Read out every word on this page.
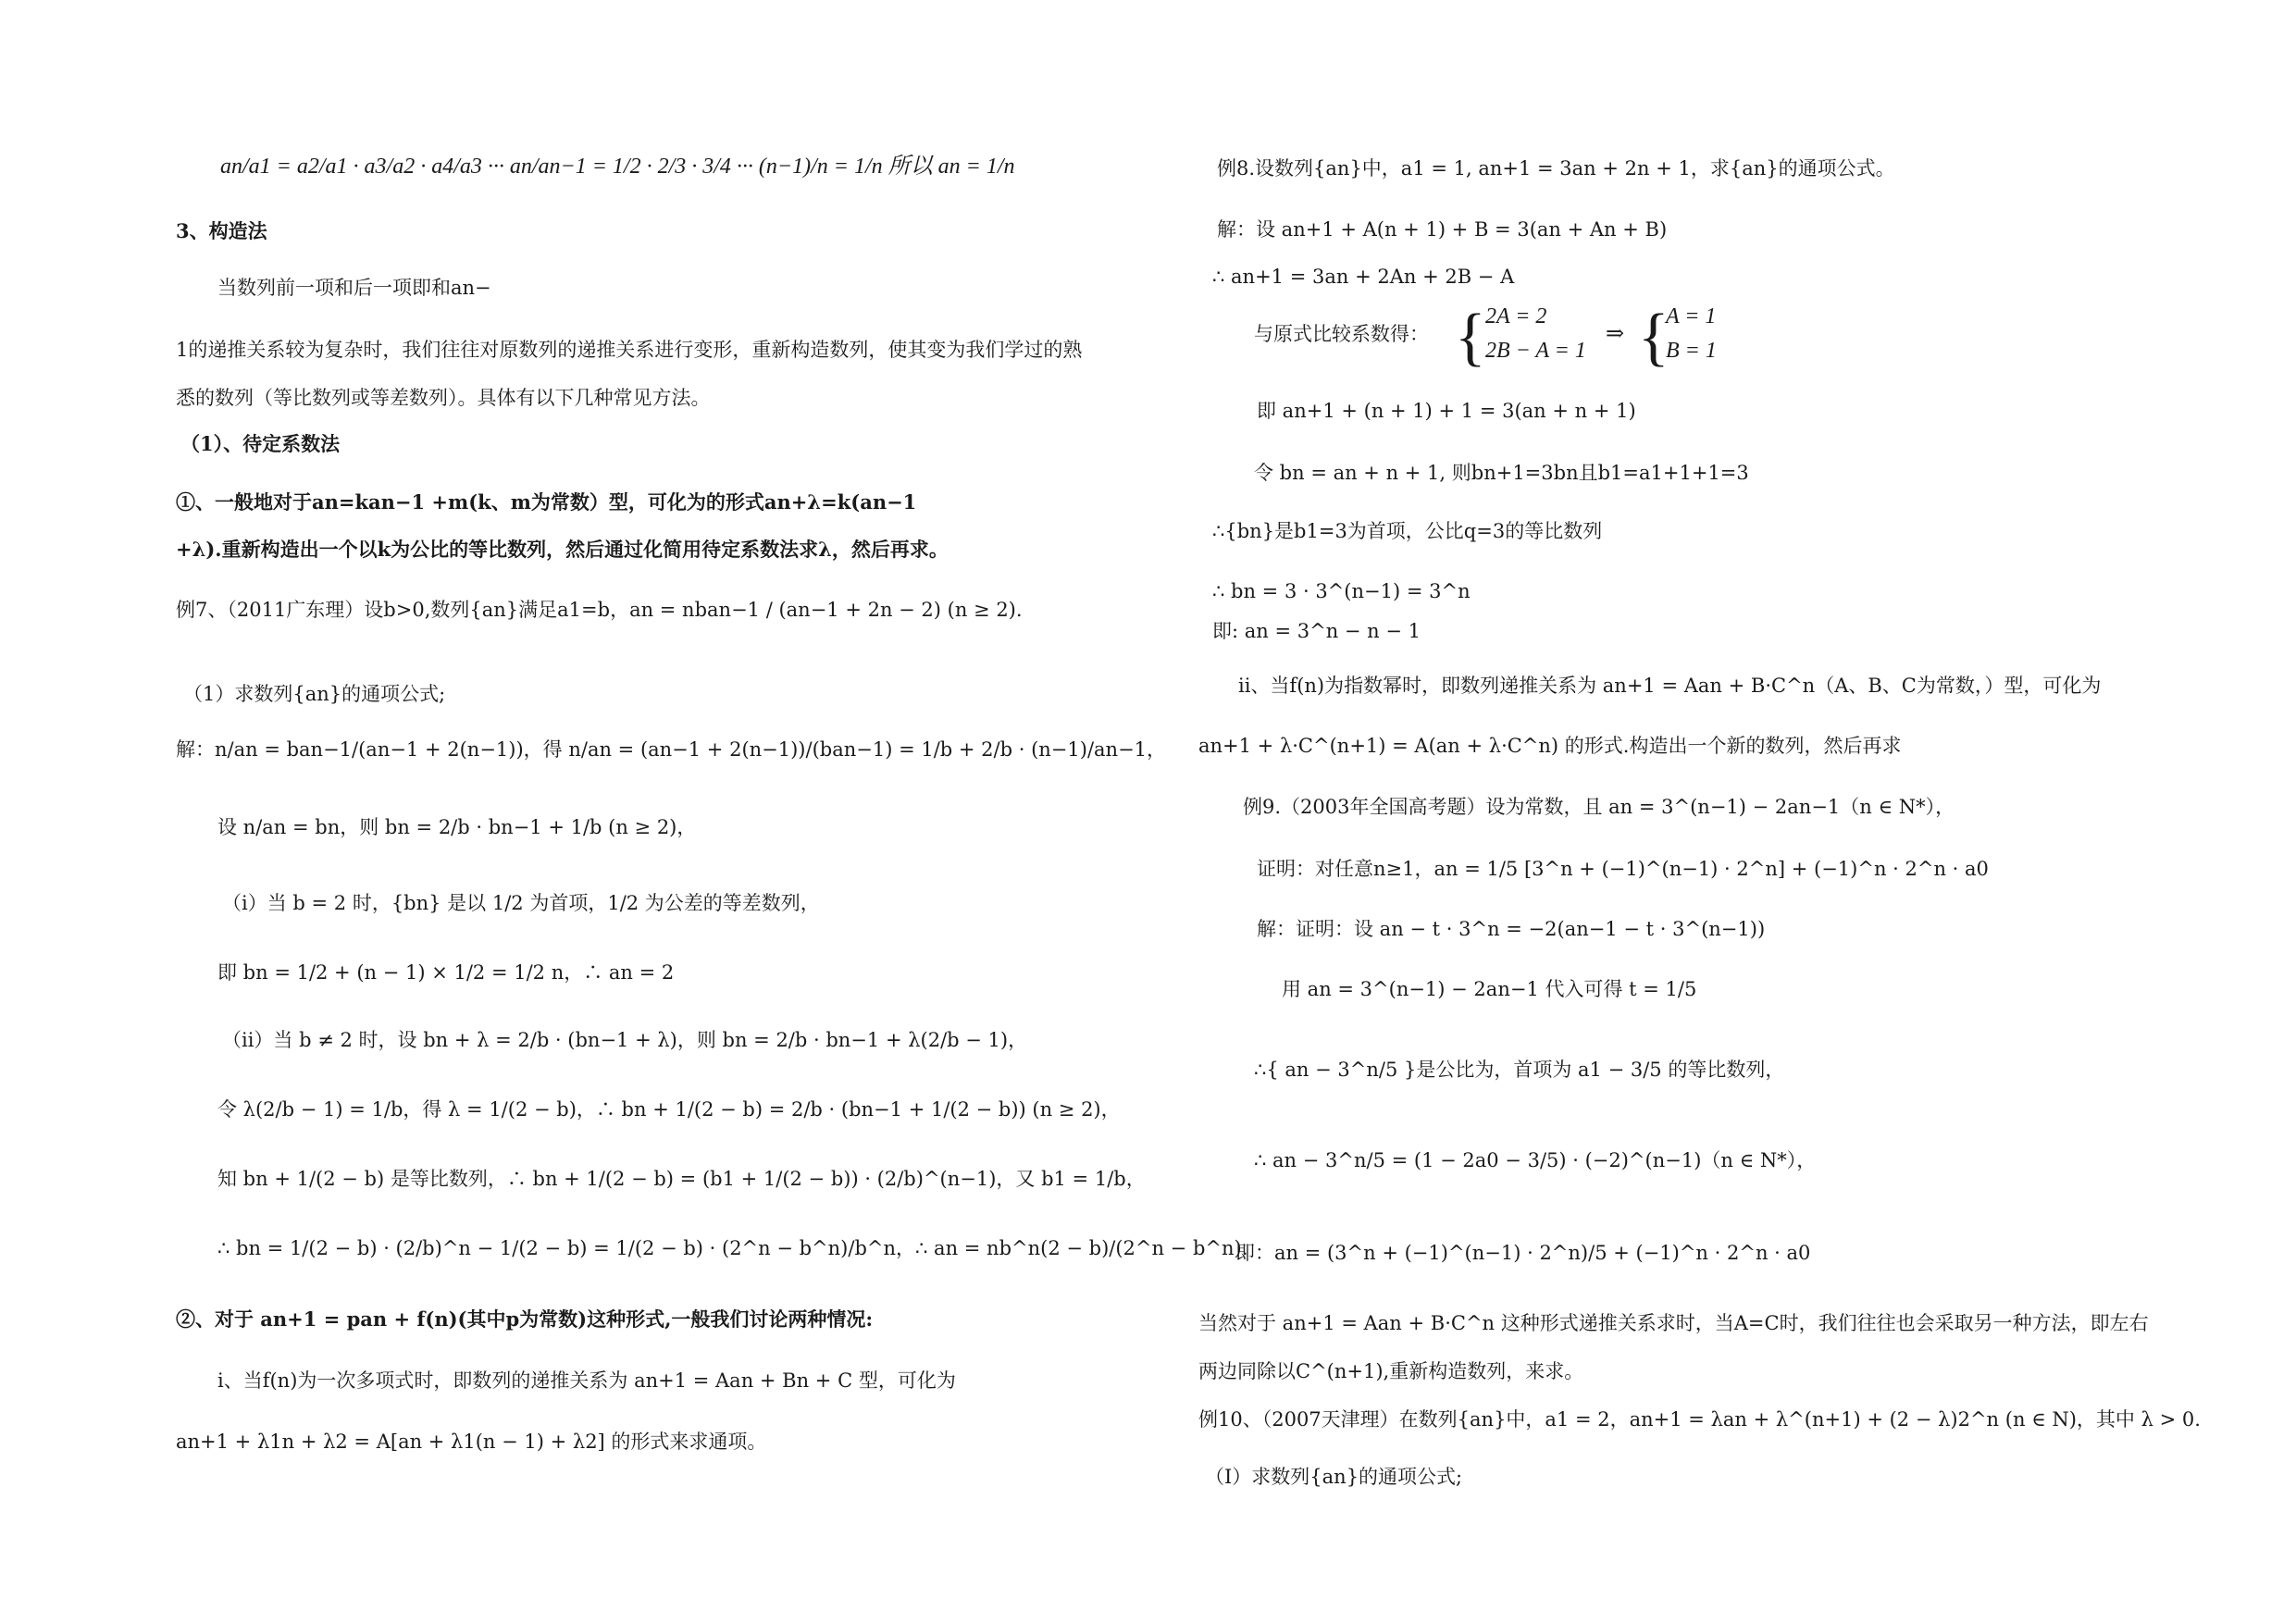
an/a1 = a2/a1 · a3/a2 · a4/a3 ··· an/an−1 = 1/2 · 2/3 · 3/4 ··· (n−1)/n = 1/n 所以 an = 1/n
3、构造法
当数列前一项和后一项即和an−
1的递推关系较为复杂时，我们往往对原数列的递推关系进行变形，重新构造数列，使其变为我们学过的熟
悉的数列（等比数列或等差数列）。具体有以下几种常见方法。
（1）、待定系数法
①、一般地对于an=kan−1 +m(k、m为常数）型，可化为的形式an+λ=k(an−1
+λ).重新构造出一个以k为公比的等比数列，然后通过化简用待定系数法求λ，然后再求。
例7、（2011广东理）设b>0,数列{an}满足a1=b，an = nban−1 / (an−1 + 2n − 2) (n ≥ 2).
（1）求数列{an}的通项公式;
解：n/an = ban−1/(an−1 + 2(n−1))，得 n/an = (an−1 + 2(n−1))/(ban−1) = 1/b + 2/b · (n−1)/an−1，
设 n/an = bn，则 bn = 2/b · bn−1 + 1/b (n ≥ 2)，
（ⅰ）当 b = 2 时，{bn} 是以 1/2 为首项，1/2 为公差的等差数列，
即 bn = 1/2 + (n − 1) × 1/2 = 1/2 n，∴ an = 2
（ⅱ）当 b ≠ 2 时，设 bn + λ = 2/b · (bn−1 + λ)，则 bn = 2/b · bn−1 + λ(2/b − 1)，
令 λ(2/b − 1) = 1/b，得 λ = 1/(2 − b)，∴ bn + 1/(2 − b) = 2/b · (bn−1 + 1/(2 − b)) (n ≥ 2)，
知 bn + 1/(2 − b) 是等比数列，∴ bn + 1/(2 − b) = (b1 + 1/(2 − b)) · (2/b)^(n−1)，又 b1 = 1/b，
∴ bn = 1/(2 − b) · (2/b)^n − 1/(2 − b) = 1/(2 − b) · (2^n − b^n)/b^n，∴ an = nb^n(2 − b)/(2^n − b^n).
②、对于 an+1 = pan + f(n)(其中p为常数)这种形式,一般我们讨论两种情况:
i、当f(n)为一次多项式时，即数列的递推关系为 an+1 = Aan + Bn + C 型，可化为
an+1 + λ1n + λ2 = A[an + λ1(n − 1) + λ2] 的形式来求通项。
例8.设数列{an}中，a1 = 1, an+1 = 3an + 2n + 1，求{an}的通项公式。
解：设 an+1 + A(n + 1) + B = 3(an + An + B)
∴ an+1 = 3an + 2An + 2B − A
与原式比较系数得： { 2A = 2
2B − A = 1
⇒ {
A = 1
B = 1
即 an+1 + (n + 1) + 1 = 3(an + n + 1)
令 bn = an + n + 1, 则bn+1=3bn且b1=a1+1+1=3
∴{bn}是b1=3为首项，公比q=3的等比数列
∴ bn = 3 · 3^(n−1) = 3^n
即: an = 3^n − n − 1
ii、当f(n)为指数幂时，即数列递推关系为 an+1 = Aan + B·C^n（A、B、C为常数，）型，可化为
an+1 + λ·C^(n+1) = A(an + λ·C^n) 的形式.构造出一个新的数列，然后再求
例9.（2003年全国高考题）设为常数，且 an = 3^(n−1) − 2an−1（n ∈ N*），
证明：对任意n≥1，an = 1/5 [3^n + (−1)^(n−1) · 2^n] + (−1)^n · 2^n · a0
解：证明：设 an − t · 3^n = −2(an−1 − t · 3^(n−1))
用 an = 3^(n−1) − 2an−1 代入可得 t = 1/5
∴{ an − 3^n/5 }是公比为，首项为 a1 − 3/5 的等比数列，
∴ an − 3^n/5 = (1 − 2a0 − 3/5) · (−2)^(n−1)（n ∈ N*），
即：an = (3^n + (−1)^(n−1) · 2^n)/5 + (−1)^n · 2^n · a0
当然对于 an+1 = Aan + B·C^n 这种形式递推关系求时，当A=C时，我们往往也会采取另一种方法，即左右
两边同除以C^(n+1),重新构造数列，来求。
例10、（2007天津理）在数列{an}中，a1 = 2，an+1 = λan + λ^(n+1) + (2 − λ)2^n (n ∈ N)，其中 λ > 0.
（Ⅰ）求数列{an}的通项公式;
